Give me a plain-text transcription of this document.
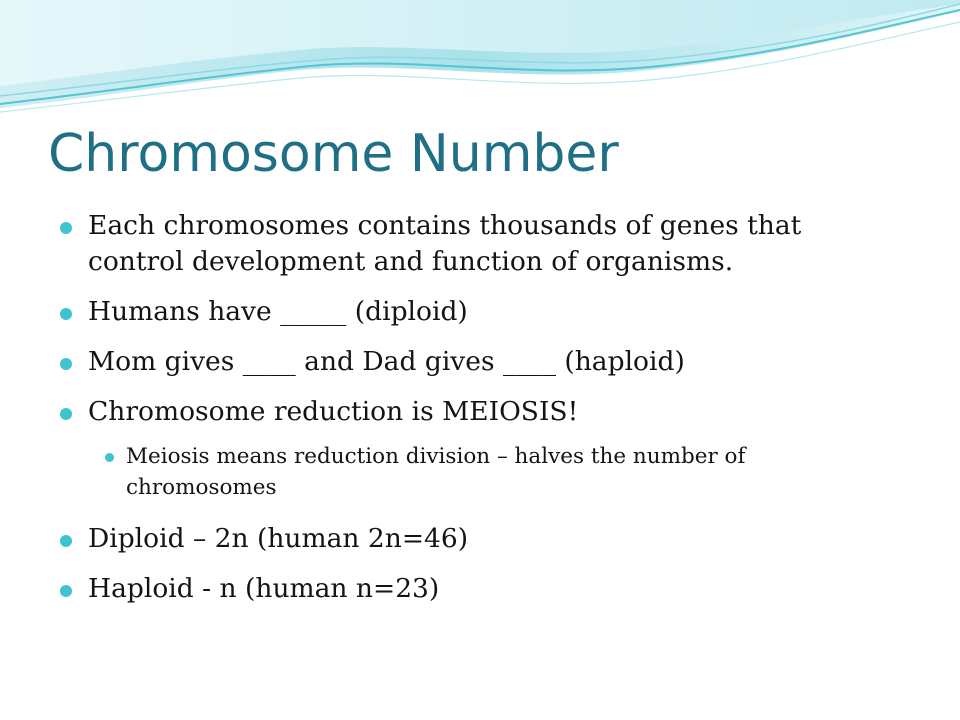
Chromosome Number
Each chromosomes contains thousands of genes that control development and function of organisms.
Humans have _____ (diploid)
Mom gives ____ and Dad gives ____ (haploid)
Chromosome reduction is MEIOSIS!
Meiosis means reduction division – halves the number of chromosomes
Diploid – 2n (human 2n=46)
Haploid - n (human n=23)
